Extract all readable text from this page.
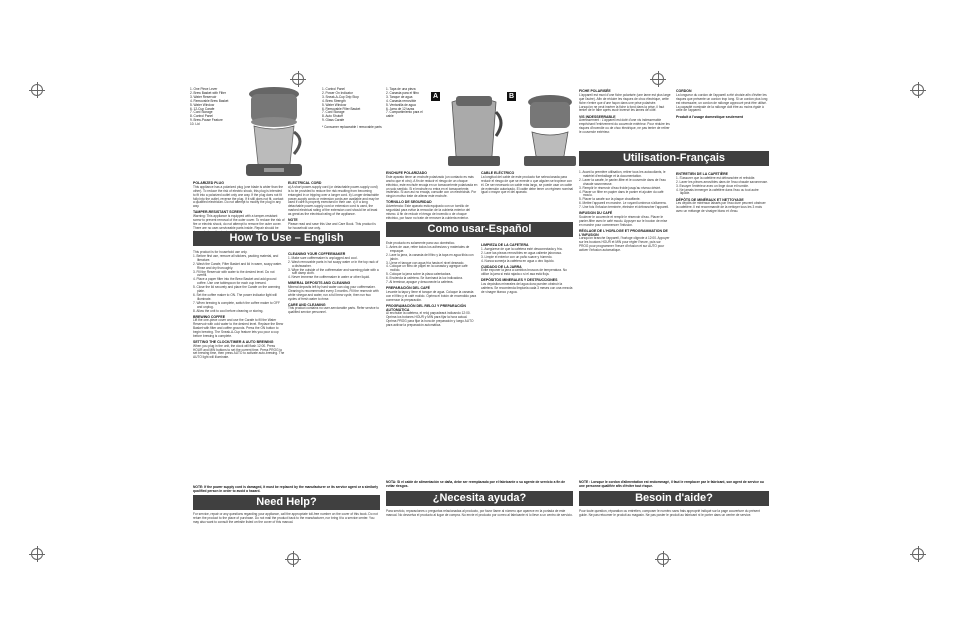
1. One Piece Lever
2. Brew Basket with Filter
3. Water Reservoir
4. Removable Brew Basket
5. Water Window
6. 12-Cup Carafe
7. Cord Storage
8. Control Panel
9. Brew-Pause Feature
10. Lid
1. Control Panel
2. Power On Indicator
3. Sneak-A-Cup Drip Stop
4. Brew Strength
5. Water Window
6. Removable Filter Basket
7. Cord Storage
8. Auto Shutoff
9. Glass Carafe
* Consumer replaceable / removable parts
POLARIZED PLUG

This appliance has a polarized plug (one blade is wider than the other). To reduce the risk of electric shock, this plug is intended to fit into a polarized outlet only one way. If the plug does not fit fully into the outlet, reverse the plug. If it still does not fit, contact a qualified electrician. Do not attempt to modify the plug in any way.

TAMPER-RESISTANT SCREW

Warning: This appliance is equipped with a tamper-resistant screw to prevent removal of the outer cover. To reduce the risk of fire or electric shock, do not attempt to remove the outer cover. There are no user-serviceable parts inside. Repair should be

ELECTRICAL CORD

a) A short power-supply cord (or detachable power-supply cord) is to be provided to reduce the risk resulting from becoming entangled in or tripping over a longer cord. b) Longer detachable power-supply cords or extension cords are available and may be used if care is properly exercised in their use. c) If a long detachable power-supply cord or extension cord is used, the marked electrical rating of the extension cord should be at least as great as the electrical rating of the appliance.

NOTE

Please read and save this Use and Care Book. This product is for household use only.

How To Use – English

This product is for household use only.

1. Before first use, remove all stickers, packing material, and literature.

2. Wash the Carafe, Filter Basket and lid in warm, soapy water. Rinse and dry thoroughly.

3. Fill the Reservoir with water to the desired level. Do not overfill.

4. Place a paper filter into the Brew Basket and add ground coffee. Use one tablespoon for each cup brewed.

5. Close the lid securely and place the Carafe on the warming plate.

6. Set the coffee maker to ON. The power indicator light will illuminate.

7. When brewing is complete, switch the coffee maker to OFF and unplug.

8. Allow the unit to cool before cleaning or storing.

BREWING COFFEE

Lift the one-piece cover and use the Carafe to fill the Water Reservoir with cold water to the desired level. Replace the Brew Basket with filter and coffee grounds. Press the ON button to begin brewing. The Sneak-A-Cup feature lets you pour a cup before brewing is complete.

SETTING THE CLOCK/TIMER & AUTO BREWING

When you plug in the unit, the clock will flash 12:00. Press HOUR and MIN buttons to set the current time. Press PROG to set brewing time, then press AUTO to activate auto-brewing. The AUTO light will illuminate.

CLEANING YOUR COFFEEMAKER

1. Make sure coffeemaker is unplugged and cool.

2. Wash removable parts in hot soapy water or in the top rack of a dishwasher.

3. Wipe the outside of the coffeemaker and warming plate with a soft damp cloth.

4. Never immerse the coffeemaker in water or other liquid.

MINERAL DEPOSITS AND CLEANING

Mineral deposits left by hard water can clog your coffeemaker. Cleaning is recommended every 3 months. Fill the reservoir with white vinegar and water, run a full brew cycle, then run two cycles of fresh water to rinse.

CARE AND CLEANING

This product contains no user-serviceable parts. Refer service to qualified service personnel.

NOTE: If the power supply cord is damaged, it must be replaced by the manufacturer or its service agent or a similarly qualified person in order to avoid a hazard.
Need Help?

For service, repair or any questions regarding your appliance, call the appropriate toll-free number on the cover of this book. Do not return the product to the place of purchase. Do not mail the product back to the manufacturer, nor bring it to a service center. You may also want to consult the website listed on the cover of this manual.

1. Tapa de una pieza
2. Canasta para el filtro
3. Tanque de agua
4. Canasta removible
5. Ventanilla de agua
6. Jarra de 12 tazas
7. Compartimiento para el cable
A	B
ENCHUFE POLARIZADO

Este aparato tiene un enchufe polarizado (un contacto es más ancho que el otro). A fin de reducir el riesgo de un choque eléctrico, este enchufe encaja en un tomacorriente polarizada en un solo sentido. Si el enchufe no entra en el tomacorriente, inviértalo. Si aun así no encaja, consulte con un electricista. Por ningún motivo trate de alterar este enchufe.

TORNILLO DE SEGURIDAD

Advertencia: Este aparato está equipado con un tornillo de seguridad para evitar la remoción de la cubierta exterior del mismo. A fin de reducir el riesgo de incendio o de choque eléctrico, por favor no trate de remover la cubierta exterior.

CABLE ELÉCTRICO

La longitud del cable de este producto fue seleccionada para reducir el riesgo de que se enrede o que alguien se tropiece con él. De ser necesario un cable más largo, se puede usar un cable de extensión autorizado. El cable debe tener un régimen nominal igual o mayor que el del aparato.

Como usar-Español

Este producto es solamente para uso doméstico.

1. Antes de usar, retire todos los adhesivos y materiales de empaque.

2. Lave la jarra, la canasta del filtro y la tapa en agua tibia con jabón.

3. Llene el tanque con agua fría hasta el nivel deseado.

4. Coloque un filtro de papel en la canasta y agregue café molido.

5. Coloque la jarra sobre la placa calentadora.

6. Encienda la cafetera. Se iluminará la luz indicadora.

7. Al terminar, apague y desconecte la cafetera.

PREPARACIÓN DEL CAFÉ

Levante la tapa y llene el tanque de agua. Coloque la canasta con el filtro y el café molido. Oprima el botón de encendido para comenzar la preparación.

PROGRAMACIÓN DEL RELOJ Y PREPARACIÓN AUTOMÁTICA

Al enchufar la cafetera, el reloj parpadeará indicando 12:00. Oprima los botones HOUR y MIN para fijar la hora actual. Oprima PROG para fijar la hora de preparación y luego AUTO para activar la preparación automática.

LIMPIEZA DE LA CAFETERA

1. Asegúrese de que la cafetera esté desconectada y fría.

2. Lave las piezas removibles en agua caliente jabonosa.

3. Limpie el exterior con un paño suave y húmedo.

4. Nunca sumerja la cafetera en agua u otro líquido.

CUIDADO DE LA JARRA

Evite exponer la jarra a cambios bruscos de temperatura. No utilice la jarra si está rajada o si el asa está floja.

DEPÓSITOS MINERALES Y DESTRUCCIONES

Los depósitos minerales del agua dura pueden obstruir la cafetera. Se recomienda limpiarla cada 3 meses con una mezcla de vinagre blanco y agua.

NOTA: Si el cable de alimentación se daña, debe ser reemplazado por el fabricante o su agente de servicio a fin de evitar riesgos.
¿Necesita ayuda?

Para servicio, reparaciones o preguntas relacionadas al producto, por favor llame al número que aparece en la portada de este manual. No devuelva el producto al lugar de compra. No envíe el producto por correo al fabricante ni lo lleve a un centro de servicio.

FICHE POLARISÉE

L'appareil est muni d'une fiche polarisée (une lame est plus large que l'autre). Afin de réduire les risques de choc électrique, cette fiche n'entre que d'une façon dans une prise polarisée. Lorsqu'on ne peut insérer la fiche à fond dans la prise, il faut tenter de le faire après avoir inversé les lames de côté.

VIS INDESSERRABLE

Avertissement : L'appareil est doté d'une vis indesserrable empêchant l'enlèvement du couvercle extérieur. Pour réduire les risques d'incendie ou de choc électrique, ne pas tenter de retirer le couvercle extérieur.

CORDON

La longueur du cordon de l'appareil a été choisie afin d'éviter les risques que présente un cordon trop long. Si un cordon plus long est nécessaire, un cordon de rallonge approuvé peut être utilisé. La capacité nominale de la rallonge doit être au moins égale à celle de l'appareil.

Produit à l'usage domestique seulement
Utilisation-Français

1. Avant la première utilisation, retirer tous les autocollants, le matériel d'emballage et la documentation.

2. Laver la carafe, le panier-filtre et le couvercle dans de l'eau chaude savonneuse.

3. Remplir le réservoir d'eau froide jusqu'au niveau désiré.

4. Placer un filtre en papier dans le panier et ajouter du café moulu.

5. Placer la carafe sur la plaque chauffante.

6. Mettre l'appareil en marche. Le voyant lumineux s'allumera.

7. Une fois l'infusion terminée, éteindre et débrancher l'appareil.

INFUSION DU CAFÉ

Soulever le couvercle et remplir le réservoir d'eau. Placer le panier-filtre avec le café moulu. Appuyer sur le bouton de mise en marche pour commencer l'infusion.

RÉGLAGE DE L'HORLOGE ET PROGRAMMATION DE L'INFUSION

Lorsqu'on branche l'appareil, l'horloge clignote à 12:00. Appuyer sur les boutons HOUR et MIN pour régler l'heure, puis sur PROG pour programmer l'heure d'infusion et sur AUTO pour activer l'infusion automatique.

ENTRETIEN DE LA CAFETIÈRE

1. S'assurer que la cafetière est débranchée et refroidie.

2. Laver les pièces amovibles dans de l'eau chaude savonneuse.

3. Essuyer l'extérieur avec un linge doux et humide.

4. Ne jamais immerger la cafetière dans l'eau ou tout autre liquide.

DÉPÔTS DE MINÉRAUX ET NETTOYAGE

Les dépôts de minéraux laissés par l'eau dure peuvent obstruer la cafetière. Il est recommandé de la nettoyer tous les 3 mois avec un mélange de vinaigre blanc et d'eau.

NOTE : Lorsque le cordon d'alimentation est endommagé, il faut le remplacer par le fabricant, son agent de service ou une personne qualifiée afin d'éviter tout risque.
Besoin d'aide?

Pour toute question, réparation ou entretien, composer le numéro sans frais approprié indiqué sur la page couverture du présent guide. Ne pas retourner le produit au magasin. Ne pas poster le produit au fabricant ni le porter dans un centre de service.
